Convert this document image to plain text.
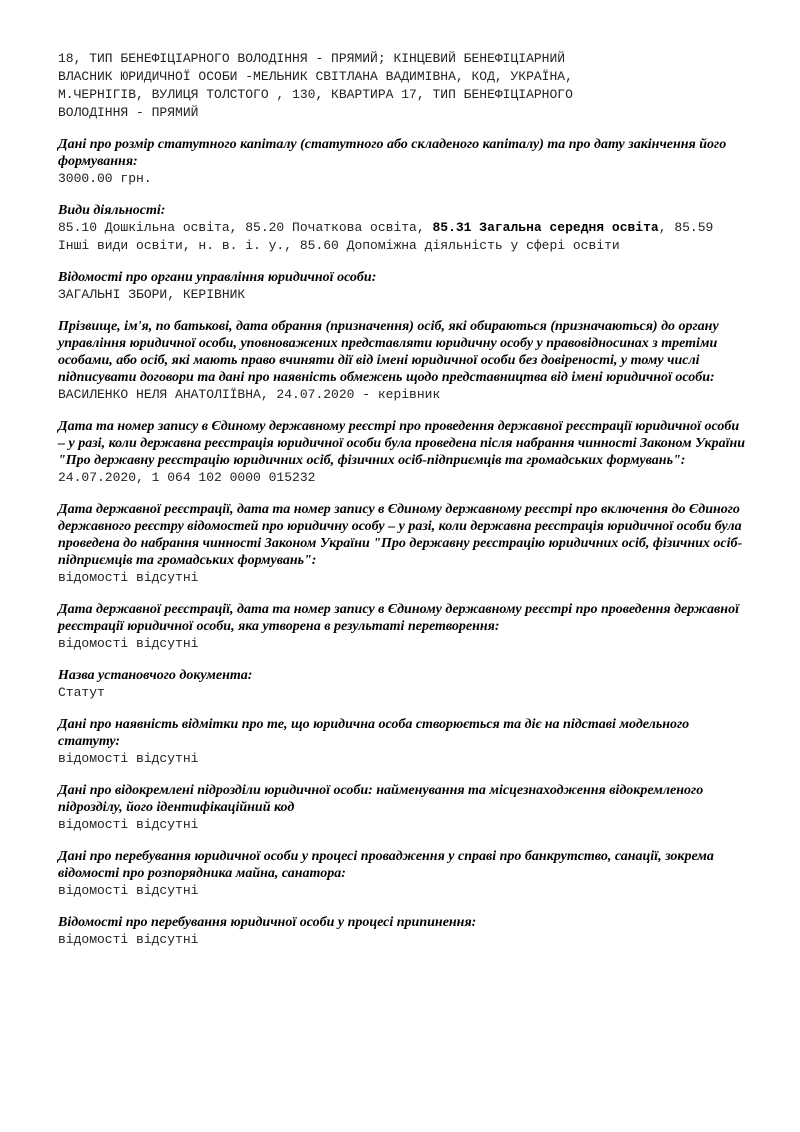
18, ТИП БЕНЕФІЦІАРНОГО ВОЛОДІННЯ - ПРЯМИЙ; КІНЦЕВИЙ БЕНЕФІЦІАРНИЙ
ВЛАСНИК ЮРИДИЧНОЇ ОСОБИ -МЕЛЬНИК СВІТЛАНА ВАДИМІВНА, КОД, УКРАЇНА,
М.ЧЕРНІГІВ, ВУЛИЦЯ ТОЛСТОГО , 130, КВАРТИРА 17, ТИП БЕНЕФІЦІАРНОГО
ВОЛОДІННЯ - ПРЯМИЙ
Дані про розмір статутного капіталу (статутного або складеного капіталу) та про дату закінчення його формування:
3000.00 грн.
Види діяльності:
85.10 Дошкільна освіта, 85.20 Початкова освіта, 85.31 Загальна середня освіта, 85.59 Інші види освіти, н. в. і. у., 85.60 Допоміжна діяльність у сфері освіти
Відомості про органи управління юридичної особи:
ЗАГАЛЬНІ ЗБОРИ, КЕРІВНИК
Прізвище, ім'я, по батькові, дата обрання (призначення) осіб, які обираються (призначаються) до органу управління юридичної особи, уповноважених представляти юридичну особу у правовідносинах з третіми особами, або осіб, які мають право вчиняти дії від імені юридичної особи без довіреності, у тому числі підписувати договори та дані про наявність обмежень щодо представництва від імені юридичної особи:
ВАСИЛЕНКО НЕЛЯ АНАТОЛІЇВНА, 24.07.2020 - керівник
Дата та номер запису в Єдиному державному реєстрі про проведення державної реєстрації юридичної особи – у разі, коли державна реєстрація юридичної особи була проведена після набрання чинності Законом України "Про державну реєстрацію юридичних осіб, фізичних осіб-підприємців та громадських формувань":
24.07.2020, 1 064 102 0000 015232
Дата державної реєстрації, дата та номер запису в Єдиному державному реєстрі про включення до Єдиного державного реєстру відомостей про юридичну особу – у разі, коли державна реєстрація юридичної особи була проведена до набрання чинності Законом України "Про державну реєстрацію юридичних осіб, фізичних осіб-підприємців та громадських формувань":
відомості відсутні
Дата державної реєстрації, дата та номер запису в Єдиному державному реєстрі про проведення державної реєстрації юридичної особи, яка утворена в результаті перетворення:
відомості відсутні
Назва установчого документа:
Статут
Дані про наявність відмітки про те, що юридична особа створюється та діє на підставі модельного статуту:
відомості відсутні
Дані про відокремлені підрозділи юридичної особи: найменування та місцезнаходження відокремленого підрозділу, його ідентифікаційний код
відомості відсутні
Дані про перебування юридичної особи у процесі провадження у справі про банкрутство, санації, зокрема відомості про розпорядника майна, санатора:
відомості відсутні
Відомості про перебування юридичної особи у процесі припинення:
відомості відсутні
